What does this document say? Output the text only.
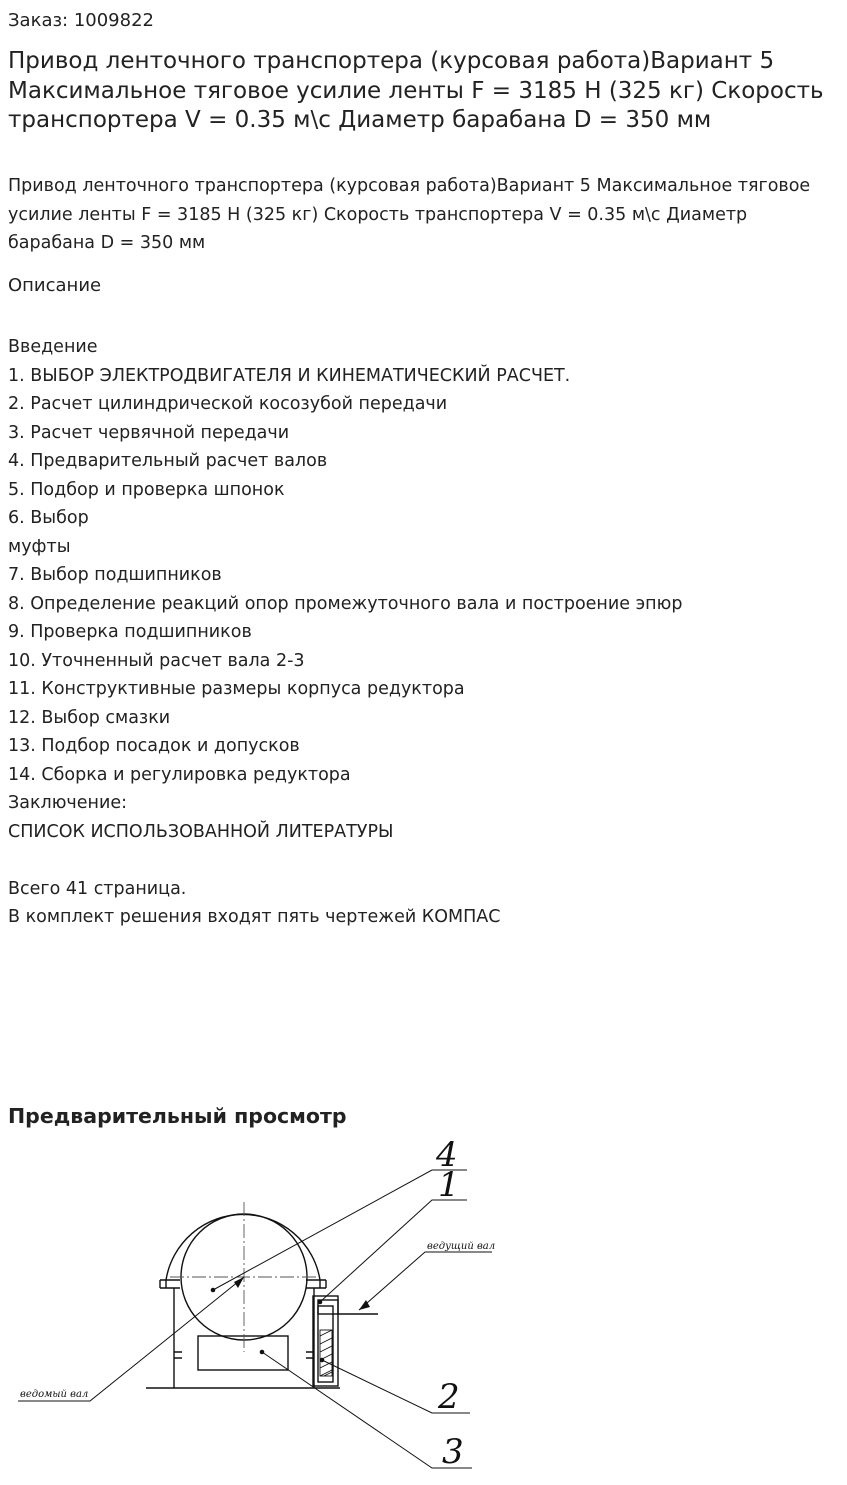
Заказ: 1009822
Привод ленточного транспортера (курсовая работа)Вариант 5 Максимальное тяговое усилие ленты F = 3185 H (325 кг) Скорость транспортера V = 0.35 м\с Диаметр барабана D = 350 мм
Привод ленточного транспортера (курсовая работа)Вариант 5 Максимальное тяговое усилие ленты F = 3185 H (325 кг) Скорость транспортера V = 0.35 м\с Диаметр барабана D = 350 мм
Описание
Введение
1. ВЫБОР ЭЛЕКТРОДВИГАТЕЛЯ И КИНЕМАТИЧЕСКИЙ РАСЧЕТ.
2. Расчет цилиндрической косозубой передачи
3. Расчет червячной передачи
4. Предварительный расчет валов
5. Подбор и проверка шпонок
6. Выбор
муфты
7. Выбор подшипников
8. Определение реакций опор промежуточного вала и построение эпюр
9. Проверка подшипников
10. Уточненный расчет вала 2-3
11. Конструктивные размеры корпуса редуктора
12. Выбор смазки
13. Подбор посадок и допусков
14. Сборка и регулировка редуктора
Заключение:
СПИСОК ИСПОЛЬЗОВАННОЙ ЛИТЕРАТУРЫ
Всего 41 страница.
В комплект решения входят пять чертежей КОМПАС
Предварительный просмотр
4
1
2
3
ведущий вал
ведомый вал
